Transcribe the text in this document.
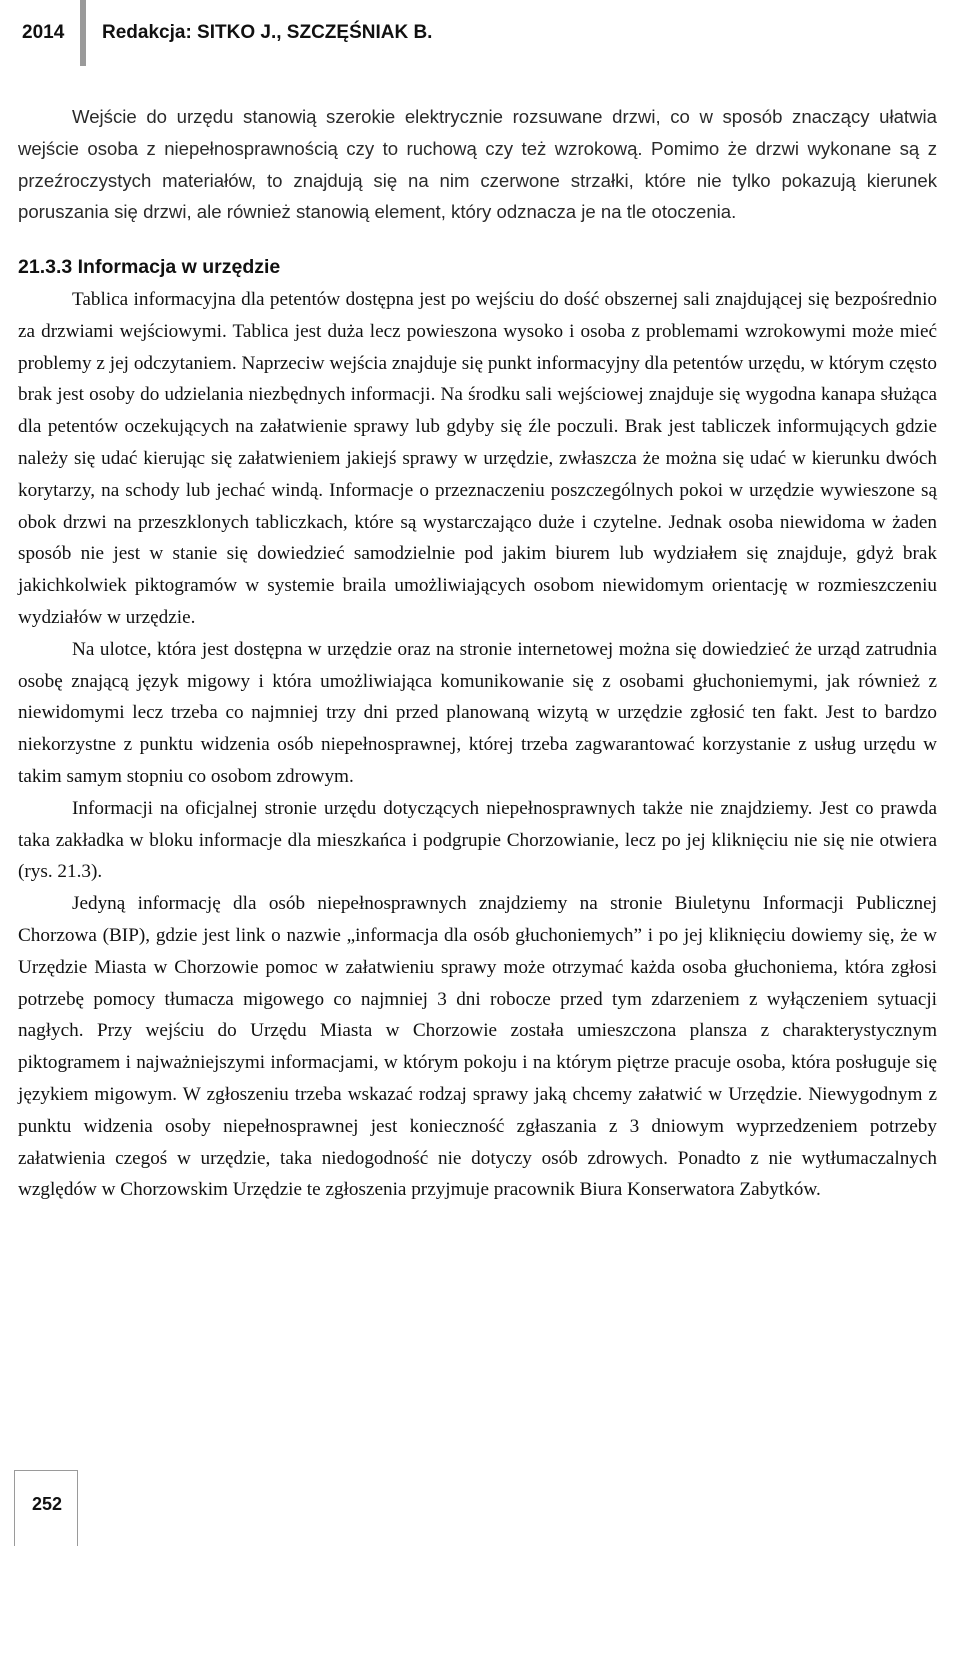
2014 Redakcja: SITKO J., SZCZĘŚNIAK B.

Wejście do urzędu stanowią szerokie elektrycznie rozsuwane drzwi, co w sposób znaczący ułatwia wejście osoba z niepełnosprawnością czy to ruchową czy też wzrokową. Pomimo że drzwi wykonane są z przeźroczystych materiałów, to znajdują się na nim czerwone strzałki, które nie tylko pokazują kierunek poruszania się drzwi, ale również stanowią element, który odznacza je na tle otoczenia.

21.3.3 Informacja w urzędzie

Tablica informacyjna dla petentów dostępna jest po wejściu do dość obszernej sali znajdującej się bezpośrednio za drzwiami wejściowymi. Tablica jest duża lecz powieszona wysoko i osoba z problemami wzrokowymi może mieć problemy z jej odczytaniem. Naprzeciw wejścia znajduje się punkt informacyjny dla petentów urzędu, w którym często brak jest osoby do udzielania niezbędnych informacji. Na środku sali wejściowej znajduje się wygodna kanapa służąca dla petentów oczekujących na załatwienie sprawy lub gdyby się źle poczuli. Brak jest tabliczek informujących gdzie należy się udać kierując się załatwieniem jakiejś sprawy w urzędzie, zwłaszcza że można się udać w kierunku dwóch korytarzy, na schody lub jechać windą. Informacje o przeznaczeniu poszczególnych pokoi w urzędzie wywieszone są obok drzwi na przeszklonych tabliczkach, które są wystarczająco duże i czytelne. Jednak osoba niewidoma w żaden sposób nie jest w stanie się dowiedzieć samodzielnie pod jakim biurem lub wydziałem się znajduje, gdyż brak jakichkolwiek piktogramów w systemie braila umożliwiających osobom niewidomym orientację w rozmieszczeniu wydziałów w urzędzie.

Na ulotce, która jest dostępna w urzędzie oraz na stronie internetowej można się dowiedzieć że urząd zatrudnia osobę znającą język migowy i która umożliwiająca komunikowanie się z osobami głuchoniemymi, jak również z niewidomymi lecz trzeba co najmniej trzy dni przed planowaną wizytą w urzędzie zgłosić ten fakt. Jest to bardzo niekorzystne z punktu widzenia osób niepełnosprawnej, której trzeba zagwarantować korzystanie z usług urzędu w takim samym stopniu co osobom zdrowym.

Informacji na oficjalnej stronie urzędu dotyczących niepełnosprawnych także nie znajdziemy. Jest co prawda taka zakładka w bloku informacje dla mieszkańca i podgrupie Chorzowianie, lecz po jej kliknięciu nie się nie otwiera (rys. 21.3).

Jedyną informację dla osób niepełnosprawnych znajdziemy na stronie Biuletynu Informacji Publicznej Chorzowa (BIP), gdzie jest link o nazwie „informacja dla osób głuchoniemych” i po jej kliknięciu dowiemy się, że w Urzędzie Miasta w Chorzowie pomoc w załatwieniu sprawy może otrzymać każda osoba głuchoniema, która zgłosi potrzebę pomocy tłumacza migowego co najmniej 3 dni robocze przed tym zdarzeniem z wyłączeniem sytuacji nagłych. Przy wejściu do Urzędu Miasta w Chorzowie została umieszczona plansza z charakterystycznym piktogramem i najważniejszymi informacjami, w którym pokoju i na którym piętrze pracuje osoba, która posługuje się językiem migowym. W zgłoszeniu trzeba wskazać rodzaj sprawy jaką chcemy załatwić w Urzędzie. Niewygodnym z punktu widzenia osoby niepełnosprawnej jest konieczność zgłaszania z 3 dniowym wyprzedzeniem potrzeby załatwienia czegoś w urzędzie, taka niedogodność nie dotyczy osób zdrowych. Ponadto z nie wytłumaczalnych względów w Chorzowskim Urzędzie te zgłoszenia przyjmuje pracownik Biura Konserwatora Zabytków.

252
